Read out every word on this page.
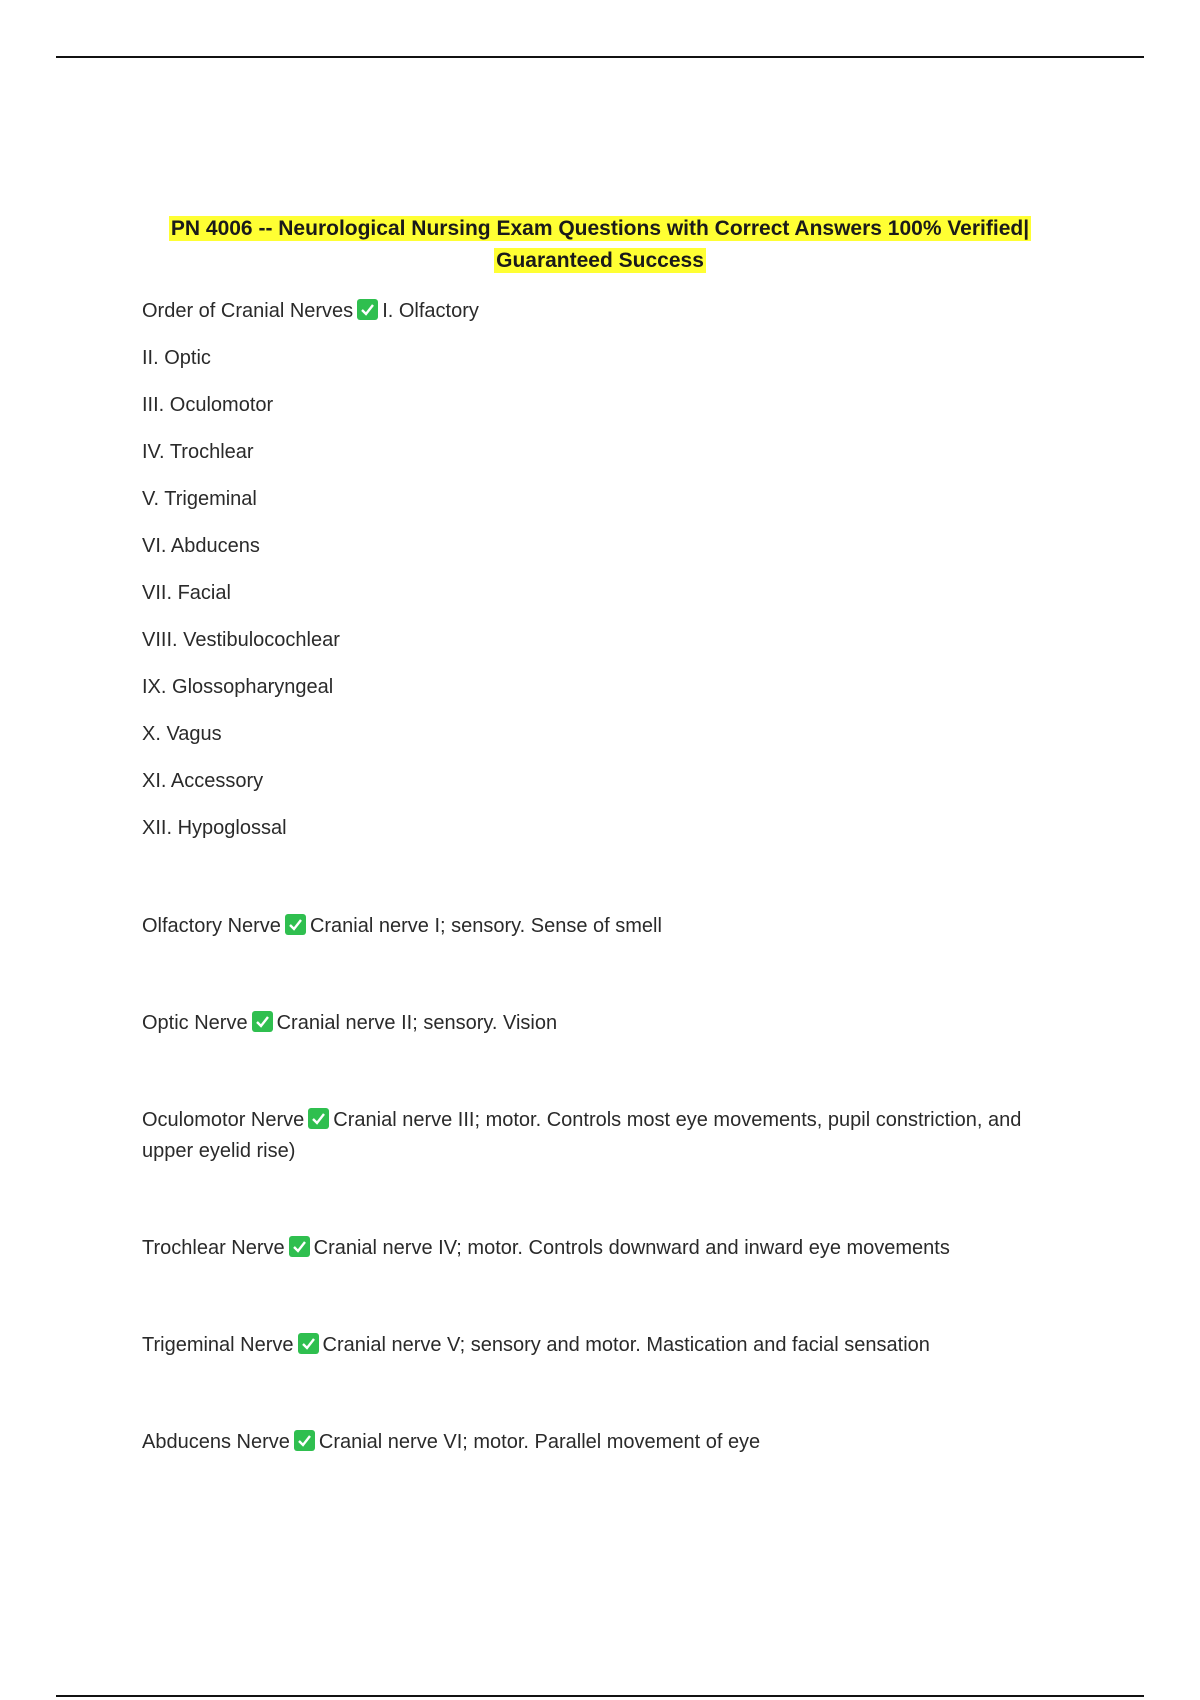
PN 4006 -- Neurological Nursing Exam Questions with Correct Answers 100% Verified|
Guaranteed Success
Order of Cranial Nerves I. Olfactory
II. Optic
III. Oculomotor
IV. Trochlear
V. Trigeminal
VI. Abducens
VII. Facial
VIII. Vestibulocochlear
IX. Glossopharyngeal
X. Vagus
XI. Accessory
XII. Hypoglossal
Olfactory Nerve Cranial nerve I; sensory. Sense of smell
Optic Nerve Cranial nerve II; sensory. Vision
Oculomotor Nerve Cranial nerve III; motor. Controls most eye movements, pupil constriction, and upper eyelid rise)
Trochlear Nerve Cranial nerve IV; motor. Controls downward and inward eye movements
Trigeminal Nerve Cranial nerve V; sensory and motor. Mastication and facial sensation
Abducens Nerve Cranial nerve VI; motor. Parallel movement of eye
